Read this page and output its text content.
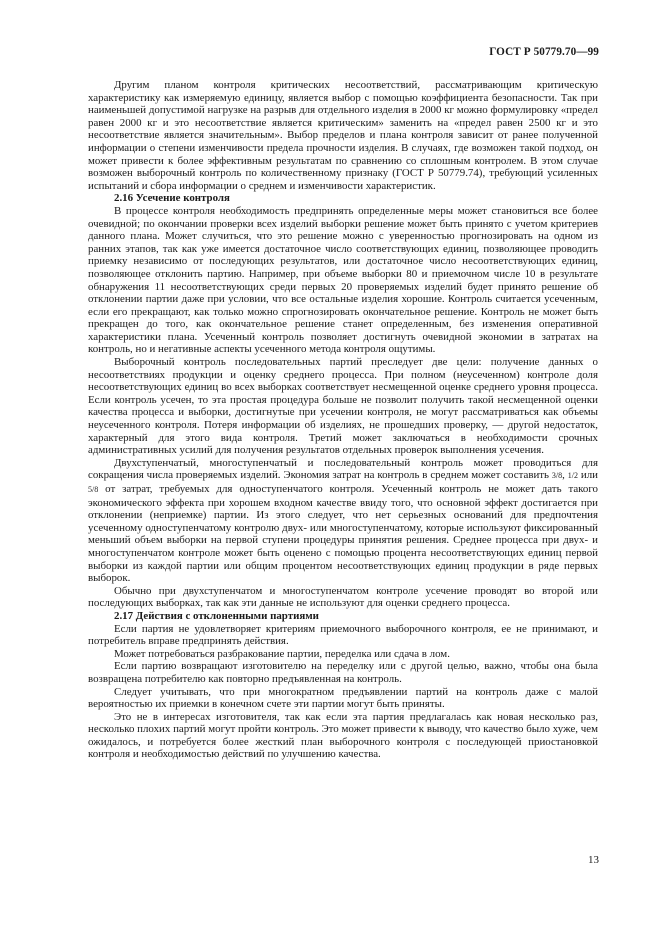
ГОСТ Р 50779.70—99

Другим планом контроля критических несоответствий, рассматривающим критическую характеристику как измеряемую единицу, является выбор с помощью коэффициента безопасности. Так при наименьшей допустимой нагрузке на разрыв для отдельного изделия в 2000 кг можно формулировку «предел равен 2000 кг и это несоответствие является критическим» заменить на «предел равен 2500 кг и это несоответствие является значительным». Выбор пределов и плана контроля зависит от ранее полученной информации о степени изменчивости предела прочности изделия. В случаях, где возможен такой подход, он может привести к более эффективным результатам по сравнению со сплошным контролем. В этом случае возможен выборочный контроль по количественному признаку (ГОСТ Р 50779.74), требующий усиленных испытаний и сбора информации о среднем и изменчивости характеристик.

2.16 Усечение контроля

В процессе контроля необходимость предпринять определенные меры может становиться все более очевидной; по окончании проверки всех изделий выборки решение может быть принято с учетом критериев данного плана. Может случиться, что это решение можно с уверенностью прогнозировать на одном из ранних этапов, так как уже имеется достаточное число соответствующих единиц, позволяющее проводить приемку независимо от последующих результатов, или достаточное число несоответствующих единиц, позволяющее отклонить партию. Например, при объеме выборки 80 и приемочном числе 10 в результате обнаружения 11 несоответствующих среди первых 20 проверяемых изделий будет принято решение об отклонении партии даже при условии, что все остальные изделия хорошие. Контроль считается усеченным, если его прекращают, как только можно спрогнозировать окончательное решение. Контроль не может быть прекращен до того, как окончательное решение станет определенным, без изменения оперативной характеристики плана. Усеченный контроль позволяет достигнуть очевидной экономии в затратах на контроль, но и негативные аспекты усеченного метода контроля ощутимы.

Выборочный контроль последовательных партий преследует две цели: получение данных о несоответствиях продукции и оценку среднего процесса. При полном (неусеченном) контроле доля несоответствующих единиц во всех выборках соответствует несмещенной оценке среднего уровня процесса. Если контроль усечен, то эта простая процедура больше не позволит получить такой несмещенной оценки качества процесса и выборки, достигнутые при усечении контроля, не могут рассматриваться как объемы неусеченного контроля. Потеря информации об изделиях, не прошедших проверку, — другой недостаток, характерный для этого вида контроля. Третий может заключаться в необходимости срочных административных усилий для получения результатов отдельных проверок выполнения усечения.

Двухступенчатый, многоступенчатый и последовательный контроль может проводиться для сокращения числа проверяемых изделий. Экономия затрат на контроль в среднем может составить 3/8, 1/2 или 5/8 от затрат, требуемых для одноступенчатого контроля. Усеченный контроль не может дать такого экономического эффекта при хорошем входном качестве ввиду того, что основной эффект достигается при отклонении (неприемке) партии. Из этого следует, что нет серьезных оснований для предпочтения усеченному одноступенчатому контролю двух- или многоступенчатому, которые используют фиксированный меньший объем выборки на первой ступени процедуры принятия решения. Среднее процесса при двух- и многоступенчатом контроле может быть оценено с помощью процента несоответствующих единиц первой выборки из каждой партии или общим процентом несоответствующих единиц продукции в ряде первых выборок.

Обычно при двухступенчатом и многоступенчатом контроле усечение проводят во второй или последующих выборках, так как эти данные не используют для оценки среднего процесса.

2.17 Действия с отклоненными партиями

Если партия не удовлетворяет критериям приемочного выборочного контроля, ее не принимают, и потребитель вправе предпринять действия.

Может потребоваться разбракование партии, переделка или сдача в лом.

Если партию возвращают изготовителю на переделку или с другой целью, важно, чтобы она была возвращена потребителю как повторно предъявленная на контроль.

Следует учитывать, что при многократном предъявлении партий на контроль даже с малой вероятностью их приемки в конечном счете эти партии могут быть приняты.

Это не в интересах изготовителя, так как если эта партия предлагалась как новая несколько раз, несколько плохих партий могут пройти контроль. Это может привести к выводу, что качество было хуже, чем ожидалось, и потребуется более жесткий план выборочного контроля с последующей приостановкой контроля и необходимостью действий по улучшению качества.

13
